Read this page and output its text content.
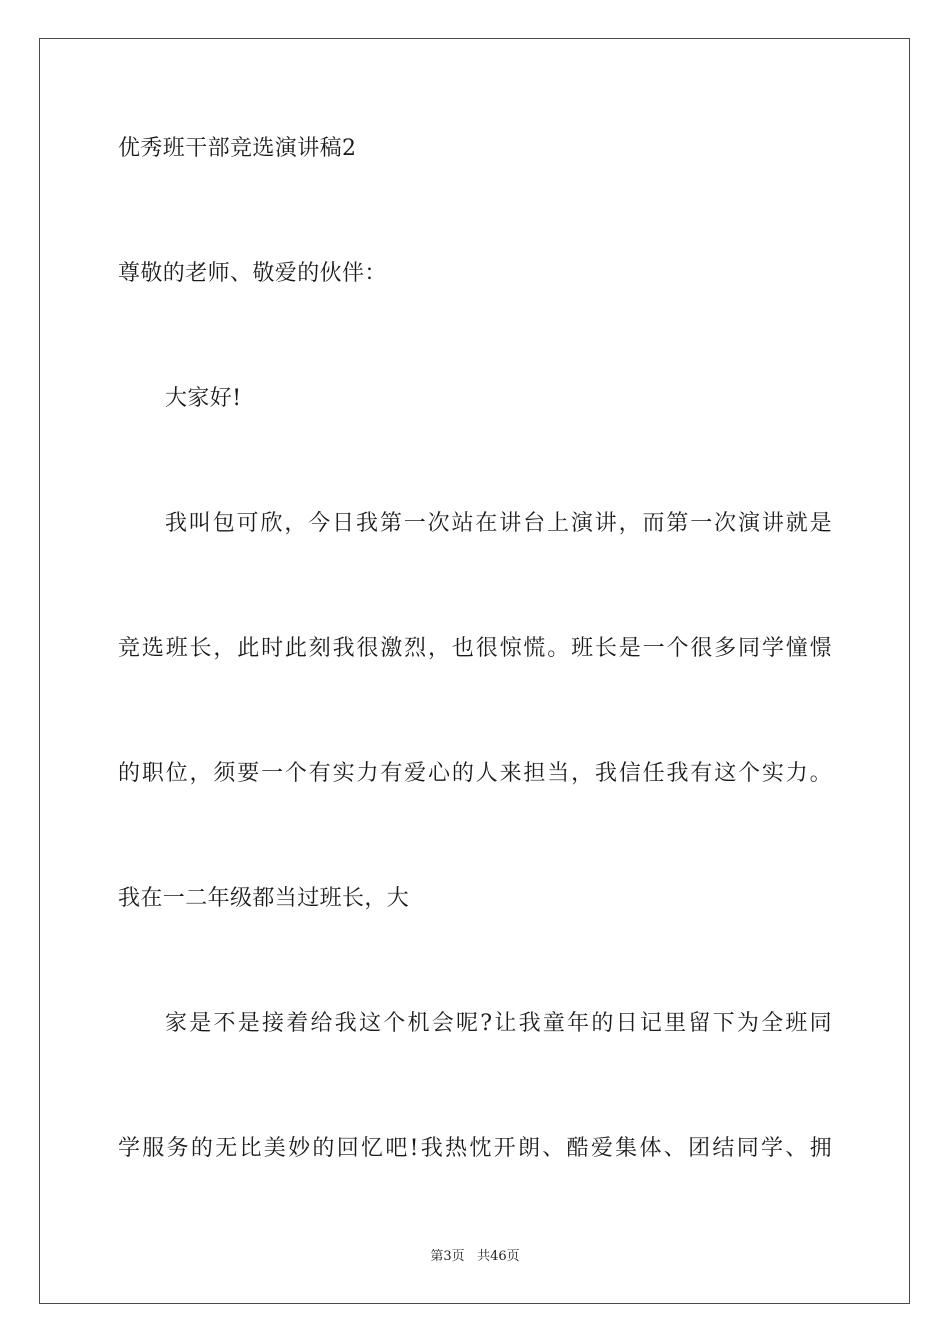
优秀班干部竞选演讲稿2
尊敬的老师、敬爱的伙伴：
大家好!
我叫包可欣，今日我第一次站在讲台上演讲，而第一次演讲就是
竞选班长，此时此刻我很激烈，也很惊慌。班长是一个很多同学憧憬
的职位，须要一个有实力有爱心的人来担当，我信任我有这个实力。
我在一二年级都当过班长，大
家是不是接着给我这个机会呢?让我童年的日记里留下为全班同
学服务的无比美妙的回忆吧!我热忱开朗、酷爱集体、团结同学、拥
第3页 共46页
